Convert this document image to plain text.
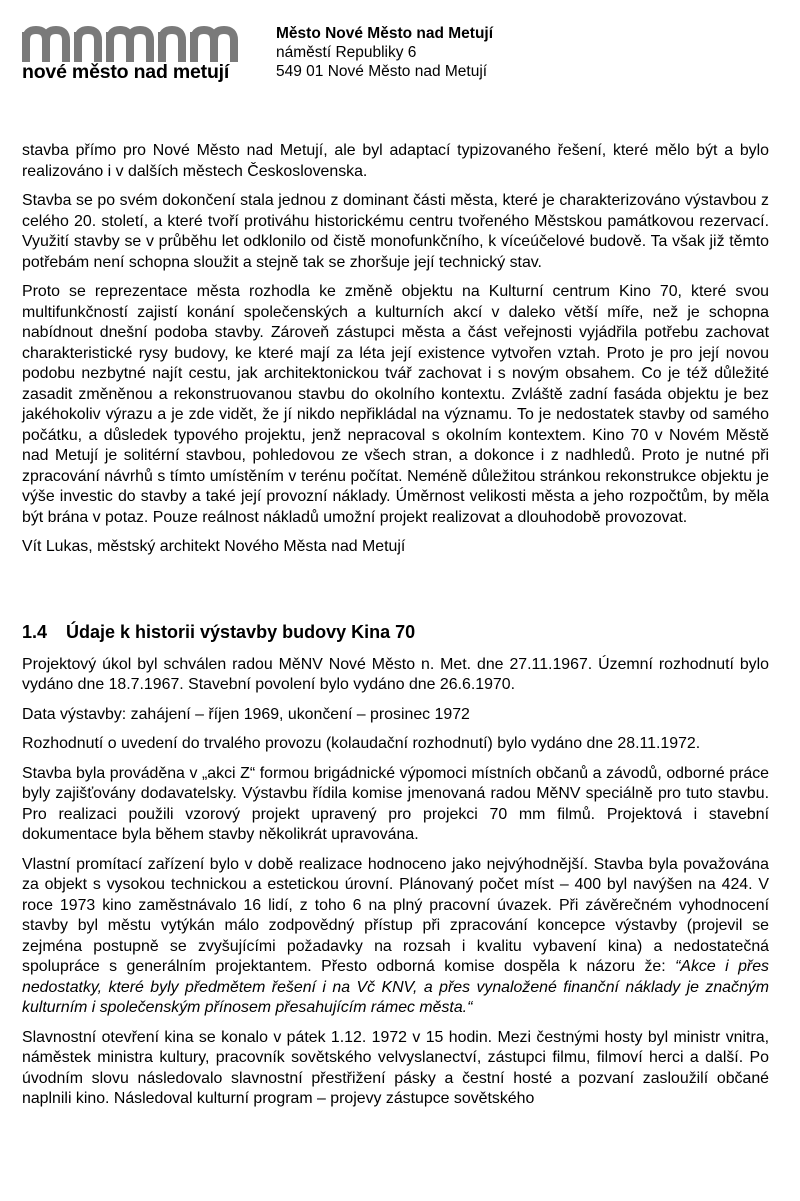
nové město nad metují
Město Nové Město nad Metují
náměstí Republiky 6
549 01 Nové Město nad Metují

stavba přímo pro Nové Město nad Metují, ale byl adaptací typizovaného řešení, které mělo být a bylo realizováno i v dalších městech Československa.

Stavba se po svém dokončení stala jednou z dominant části města, které je charakterizováno výstavbou z celého 20. století, a které tvoří protiváhu historickému centru tvořeného Městskou památkovou rezervací. Využití stavby se v průběhu let odklonilo od čistě monofunkčního, k víceúčelové budově. Ta však již těmto potřebám není schopna sloužit a stejně tak se zhoršuje její technický stav.

Proto se reprezentace města rozhodla ke změně objektu na Kulturní centrum Kino 70, které svou multifunkčností zajistí konání společenských a kulturních akcí v daleko větší míře, než je schopna nabídnout dnešní podoba stavby. Zároveň zástupci města a část veřejnosti vyjádřila potřebu zachovat charakteristické rysy budovy, ke které mají za léta její existence vytvořen vztah. Proto je pro její novou podobu nezbytné najít cestu, jak architektonickou tvář zachovat i s novým obsahem. Co je též důležité zasadit změněnou a rekonstruovanou stavbu do okolního kontextu. Zvláště zadní fasáda objektu je bez jakéhokoliv výrazu a je zde vidět, že jí nikdo nepřikládal na významu. To je nedostatek stavby od samého počátku, a důsledek typového projektu, jenž nepracoval s okolním kontextem. Kino 70 v Novém Městě nad Metují je solitérní stavbou, pohledovou ze všech stran, a dokonce i z nadhledů. Proto je nutné při zpracování návrhů s tímto umístěním v terénu počítat. Neméně důležitou stránkou rekonstrukce objektu je výše investic do stavby a také její provozní náklady. Úměrnost velikosti města a jeho rozpočtům, by měla být brána v potaz. Pouze reálnost nákladů umožní projekt realizovat a dlouhodobě provozovat.

Vít Lukas, městský architekt Nového Města nad Metují

1.4 Údaje k historii výstavby budovy Kina 70

Projektový úkol byl schválen radou MěNV Nové Město n. Met. dne 27.11.1967. Územní rozhodnutí bylo vydáno dne 18.7.1967. Stavební povolení bylo vydáno dne 26.6.1970.

Data výstavby: zahájení – říjen 1969, ukončení – prosinec 1972

Rozhodnutí o uvedení do trvalého provozu (kolaudační rozhodnutí) bylo vydáno dne 28.11.1972.

Stavba byla prováděna v „akci Z“ formou brigádnické výpomoci místních občanů a závodů, odborné práce byly zajišťovány dodavatelsky. Výstavbu řídila komise jmenovaná radou MěNV speciálně pro tuto stavbu. Pro realizaci použili vzorový projekt upravený pro projekci 70 mm filmů. Projektová i stavební dokumentace byla během stavby několikrát upravována.

Vlastní promítací zařízení bylo v době realizace hodnoceno jako nejvýhodnější. Stavba byla považována za objekt s vysokou technickou a estetickou úrovní. Plánovaný počet míst – 400 byl navýšen na 424. V roce 1973 kino zaměstnávalo 16 lidí, z toho 6 na plný pracovní úvazek. Při závěrečném vyhodnocení stavby byl městu vytýkán málo zodpovědný přístup při zpracování koncepce výstavby (projevil se zejména postupně se zvyšujícími požadavky na rozsah i kvalitu vybavení kina) a nedostatečná spolupráce s generálním projektantem. Přesto odborná komise dospěla k názoru že: “Akce i přes nedostatky, které byly předmětem řešení i na Vč KNV, a přes vynaložené finanční náklady je značným kulturním i společenským přínosem přesahujícím rámec města.“

Slavnostní otevření kina se konalo v pátek 1.12. 1972 v 15 hodin. Mezi čestnými hosty byl ministr vnitra, náměstek ministra kultury, pracovník sovětského velvyslanectví, zástupci filmu, filmoví herci a další. Po úvodním slovu následovalo slavnostní přestřižení pásky a čestní hosté a pozvaní zasloužilí občané naplnili kino. Následoval kulturní program – projevy zástupce sovětského
